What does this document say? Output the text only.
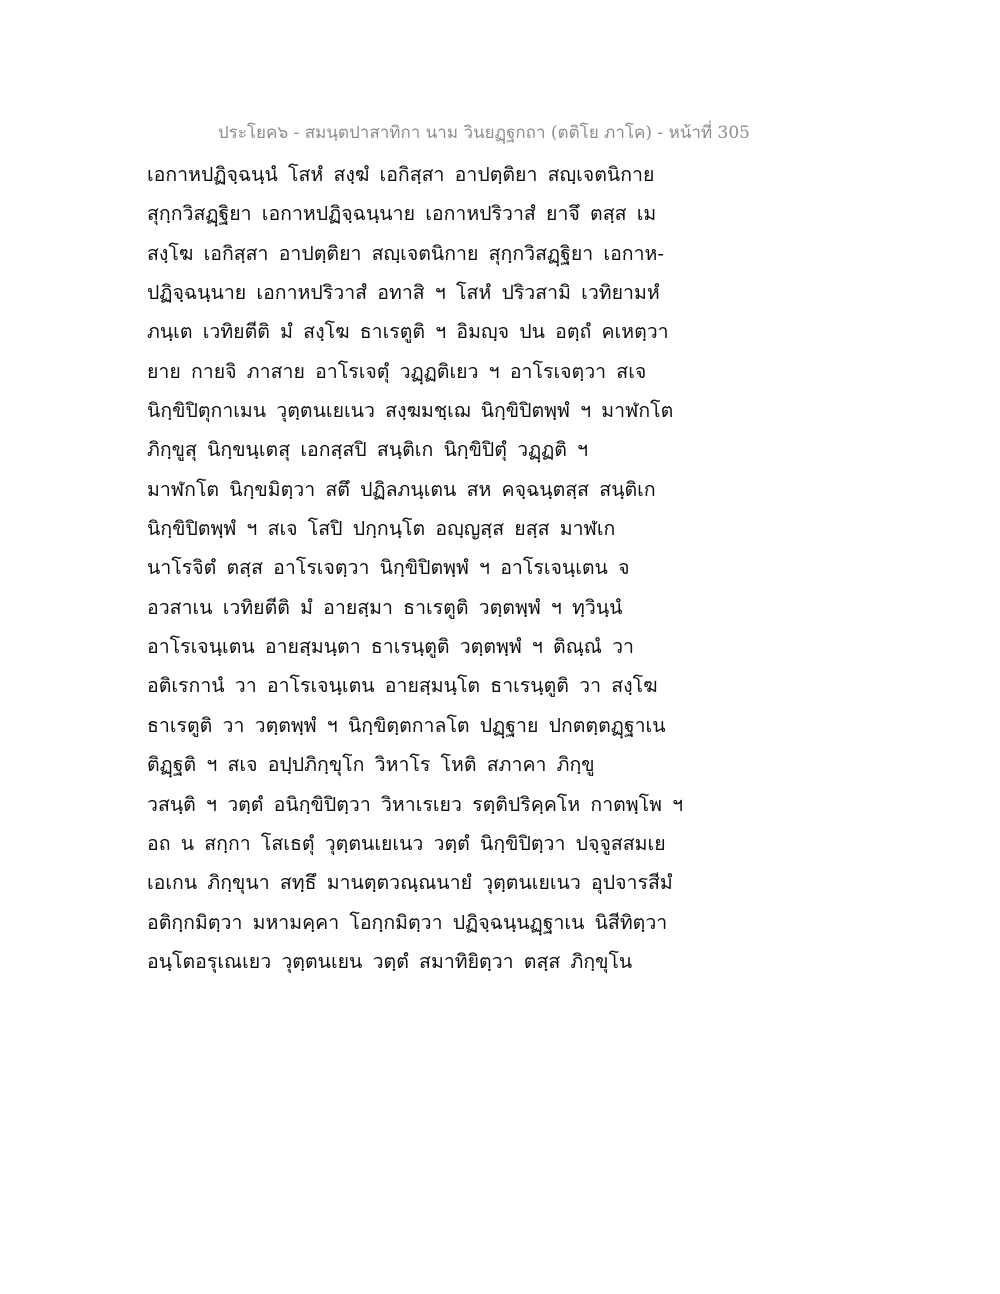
ประโยค๖ - สมนฺตปาสาทิกา นาม วินยฏฺฐกถา (ตติโย ภาโค) - หน้าที่ 305
เอกาหปฏิจฺฉนฺนํ โสหํ สงฺฆํ เอกิสฺสา อาปตฺติยา สญฺเจตนิกาย
สุกฺกวิสฏฺฐิยา เอกาหปฏิจฺฉนฺนาย เอกาหปริวาสํ ยาจึ ตสฺส เม
สงฺโฆ เอกิสฺสา อาปตฺติยา สญฺเจตนิกาย สุกฺกวิสฏฺฐิยา เอกาห-
ปฏิจฺฉนฺนาย เอกาหปริวาสํ อทาสิ ฯ โสหํ ปริวสามิ เวทิยามหํ
ภนฺเต เวทิยตีติ มํ สงฺโฆ ธาเรตูติ ฯ อิมญฺจ ปน อตฺถํ คเหตฺวา
ยาย กายจิ ภาสาย อาโรเจตุํ วฏฺฏติเยว ฯ อาโรเจตฺวา สเจ
นิกฺขิปิตุกาเมน วุตฺตนเยเนว สงฺฆมชฺเฌ นิกฺขิปิตพฺพํ ฯ มาฬกโต
ภิกฺขูสุ นิกฺขนฺเตสุ เอกสฺสปิ สนฺติเก นิกฺขิปิตุํ วฏฺฏติ ฯ
มาฬกโต นิกฺขมิตฺวา สตึ ปฏิลภนฺเตน สห คจฺฉนฺตสฺส สนฺติเก
นิกฺขิปิตพฺพํ ฯ สเจ โสปิ ปกฺกนฺโต อญฺญสฺส ยสฺส มาฬเก
นาโรจิตํ ตสฺส อาโรเจตฺวา นิกฺขิปิตพฺพํ ฯ อาโรเจนฺเตน จ
อวสาเน เวทิยตีติ มํ อายสฺมา ธาเรตูติ วตฺตพฺพํ ฯ ทฺวินฺนํ
อาโรเจนฺเตน อายสฺมนฺตา ธาเรนฺตูติ วตฺตพฺพํ ฯ ติณฺณํ วา
อติเรกานํ วา อาโรเจนฺเตน อายสฺมนฺโต ธาเรนฺตูติ วา สงฺโฆ
ธาเรตูติ วา วตฺตพฺพํ ฯ นิกฺขิตฺตกาลโต ปฏฺฐาย ปกตตฺตฏฺฐาเน
ติฏฺฐติ ฯ สเจ อปฺปภิกฺขุโก วิหาโร โหติ สภาคา ภิกฺขู
วสนฺติ ฯ วตฺตํ อนิกฺขิปิตฺวา วิหาเรเยว รตฺติปริคฺคโห กาตพฺโพ ฯ
อถ น สกฺกา โสเธตุํ วุตฺตนเยเนว วตฺตํ นิกฺขิปิตฺวา ปจฺจูสสมเย
เอเกน ภิกฺขุนา สทฺธึ มานตฺตวณฺณนายํ วุตฺตนเยเนว อุปจารสีมํ
อติกฺกมิตฺวา มหามคฺคา โอกฺกมิตฺวา ปฏิจฺฉนฺนฏฺฐาเน นิสีทิตฺวา
อนฺโตอรุเณเยว วุตฺตนเยน วตฺตํ สมาทิยิตฺวา ตสฺส ภิกฺขุโน
